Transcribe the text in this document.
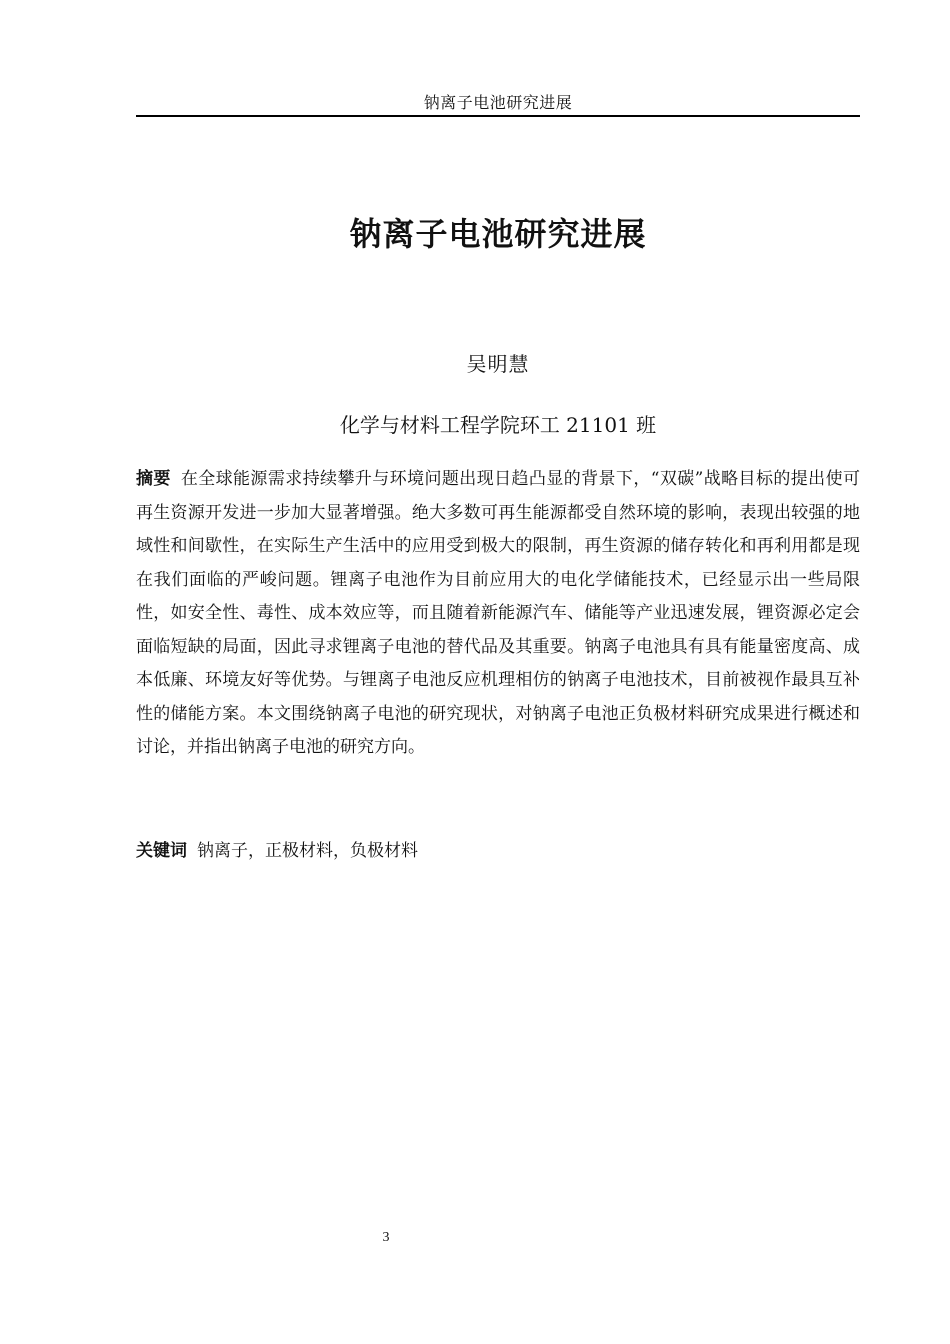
钠离子电池研究进展
钠离子电池研究进展
吴明慧
化学与材料工程学院环工 21101 班

摘要 在全球能源需求持续攀升与环境问题出现日趋凸显的背景下，“双碳”战略目标的提出使可再生资源开发进一步加大显著增强。绝大多数可再生能源都受自然环境的影响，表现出较强的地域性和间歇性，在实际生产生活中的应用受到极大的限制，再生资源的储存转化和再利用都是现在我们面临的严峻问题。锂离子电池作为目前应用大的电化学储能技术，已经显示出一些局限性，如安全性、毒性、成本效应等，而且随着新能源汽车、储能等产业迅速发展，锂资源必定会面临短缺的局面，因此寻求锂离子电池的替代品及其重要。钠离子电池具有具有能量密度高、成本低廉、环境友好等优势。与锂离子电池反应机理相仿的钠离子电池技术，目前被视作最具互补性的储能方案。本文围绕钠离子电池的研究现状，对钠离子电池正负极材料研究成果进行概述和讨论，并指出钠离子电池的研究方向。

关键词 钠离子，正极材料，负极材料

3
